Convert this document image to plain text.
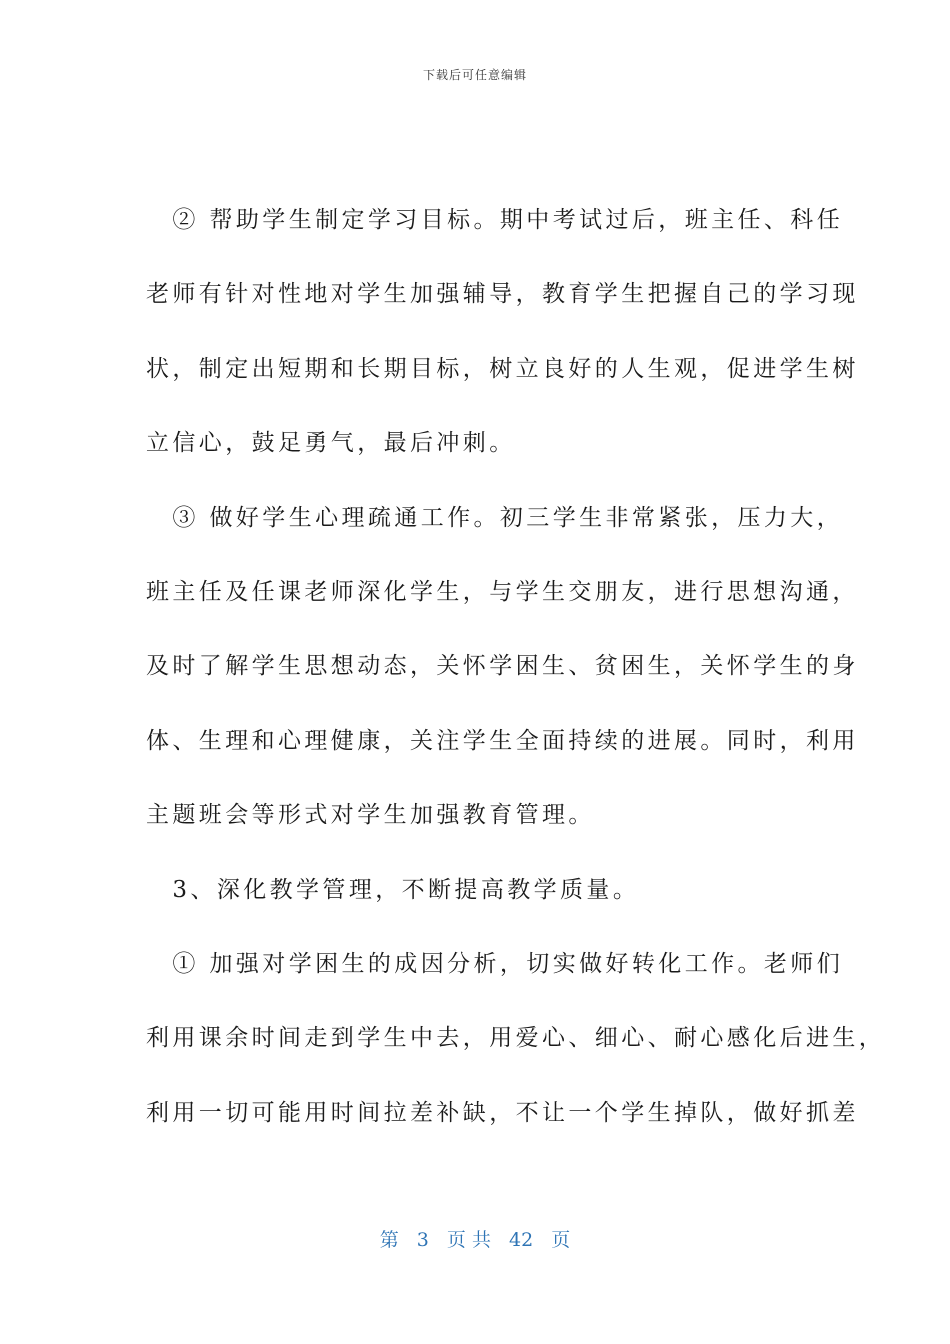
下载后可任意编辑
　② 帮助学生制定学习目标。期中考试过后，班主任、科任
老师有针对性地对学生加强辅导，教育学生把握自己的学习现
状，制定出短期和长期目标，树立良好的人生观，促进学生树
立信心，鼓足勇气，最后冲刺。
　③ 做好学生心理疏通工作。初三学生非常紧张，压力大，
班主任及任课老师深化学生，与学生交朋友，进行思想沟通，
及时了解学生思想动态，关怀学困生、贫困生，关怀学生的身
体、生理和心理健康，关注学生全面持续的进展。同时，利用
主题班会等形式对学生加强教育管理。
　3、深化教学管理，不断提高教学质量。
　① 加强对学困生的成因分析，切实做好转化工作。老师们
利用课余时间走到学生中去，用爱心、细心、耐心感化后进生，
利用一切可能用时间拉差补缺，不让一个学生掉队，做好抓差
第 3 页 共 42 页
